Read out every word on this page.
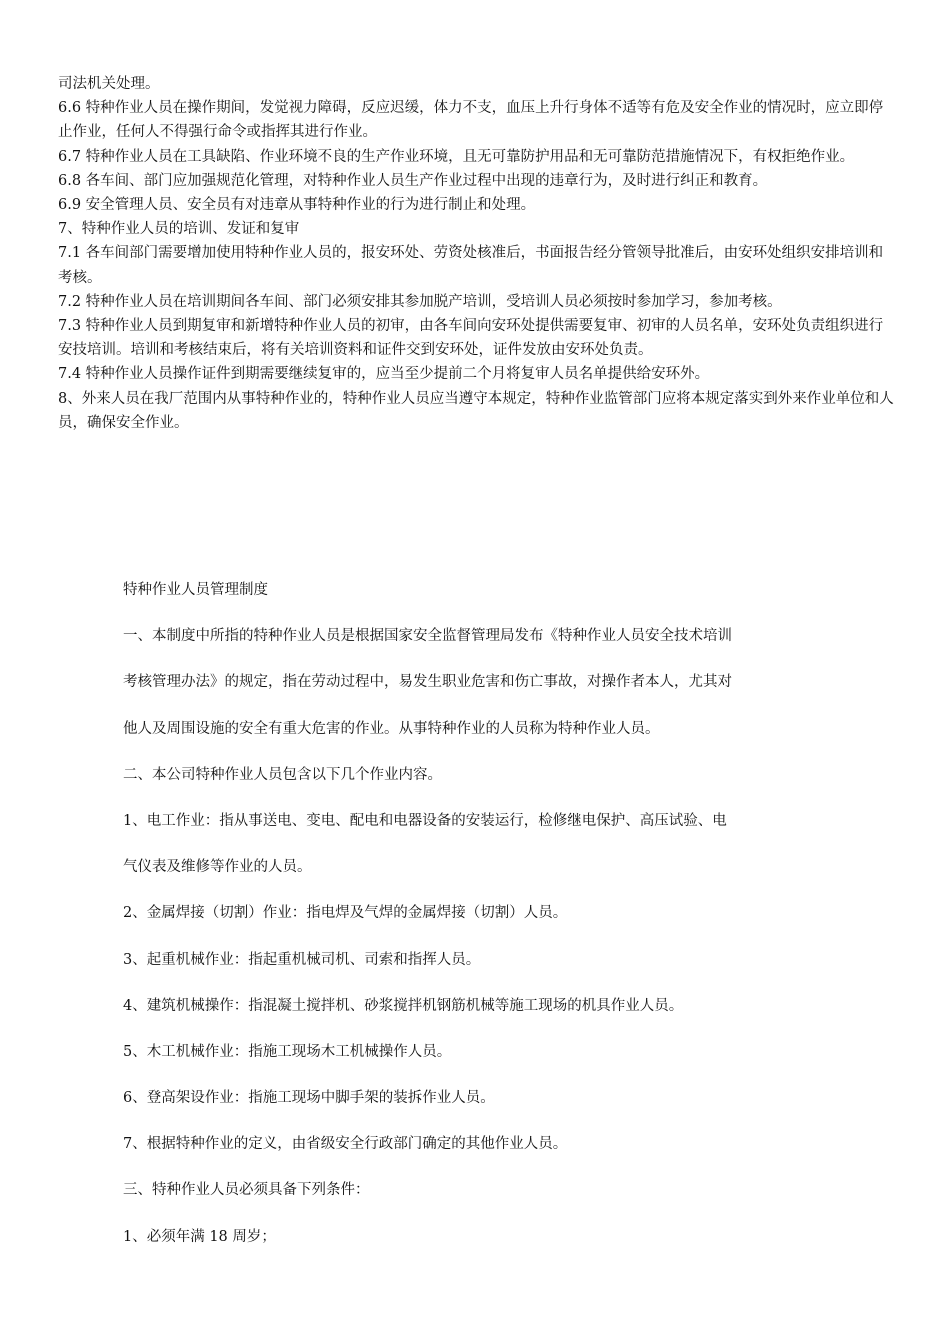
司法机关处理。

6.6 特种作业人员在操作期间，发觉视力障碍，反应迟缓，体力不支，血压上升行身体不适等有危及安全作业的情况时，应立即停止作业，任何人不得强行命令或指挥其进行作业。

6.7 特种作业人员在工具缺陷、作业环境不良的生产作业环境，且无可靠防护用品和无可靠防范措施情况下，有权拒绝作业。

6.8 各车间、部门应加强规范化管理，对特种作业人员生产作业过程中出现的违章行为，及时进行纠正和教育。

6.9 安全管理人员、安全员有对违章从事特种作业的行为进行制止和处理。

7、特种作业人员的培训、发证和复审

7.1 各车间部门需要增加使用特种作业人员的，报安环处、劳资处核准后，书面报告经分管领导批准后，由安环处组织安排培训和考核。

7.2 特种作业人员在培训期间各车间、部门必须安排其参加脱产培训，受培训人员必须按时参加学习，参加考核。

7.3 特种作业人员到期复审和新增特种作业人员的初审，由各车间向安环处提供需要复审、初审的人员名单，安环处负责组织进行安技培训。培训和考核结束后，将有关培训资料和证件交到安环处，证件发放由安环处负责。

7.4 特种作业人员操作证件到期需要继续复审的，应当至少提前二个月将复审人员名单提供给安环外。

8、外来人员在我厂范围内从事特种作业的，特种作业人员应当遵守本规定，特种作业监管部门应将本规定落实到外来作业单位和人员，确保安全作业。

特种作业人员管理制度

一、本制度中所指的特种作业人员是根据国家安全监督管理局发布《特种作业人员安全技术培训

考核管理办法》的规定，指在劳动过程中，易发生职业危害和伤亡事故，对操作者本人，尤其对

他人及周围设施的安全有重大危害的作业。从事特种作业的人员称为特种作业人员。

二、本公司特种作业人员包含以下几个作业内容。

1、电工作业：指从事送电、变电、配电和电器设备的安装运行，检修继电保护、高压试验、电

气仪表及维修等作业的人员。

2、金属焊接（切割）作业：指电焊及气焊的金属焊接（切割）人员。

3、起重机械作业：指起重机械司机、司索和指挥人员。

4、建筑机械操作：指混凝土搅拌机、砂浆搅拌机钢筋机械等施工现场的机具作业人员。

5、木工机械作业：指施工现场木工机械操作人员。

6、登高架设作业：指施工现场中脚手架的装拆作业人员。

7、根据特种作业的定义，由省级安全行政部门确定的其他作业人员。

三、特种作业人员必须具备下列条件：

1、必须年满 18 周岁；
